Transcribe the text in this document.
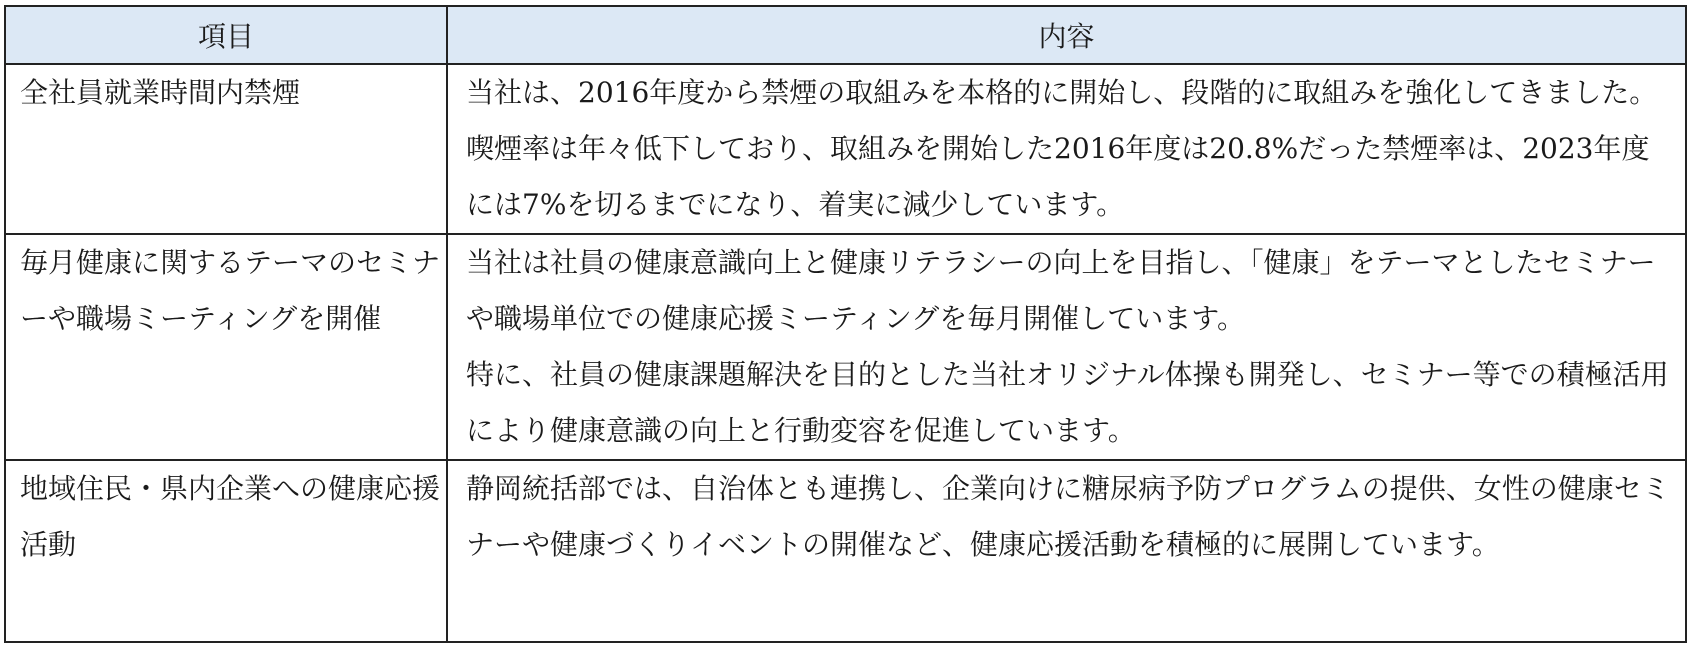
項目	内容
全社員就業時間内禁煙	当社は、2016年度から禁煙の取組みを本格的に開始し、段階的に取組みを強化してきました。喫煙率は年々低下しており、取組みを開始した2016年度は20.8%だった禁煙率は、2023年度には7%を切るまでになり、着実に減少しています。

毎月健康に関するテーマのセミナーや職場ミーティングを開催	当社は社員の健康意識向上と健康リテラシーの向上を目指し、「健康」をテーマとしたセミナーや職場単位での健康応援ミーティングを毎月開催しています。
特に、社員の健康課題解決を目的とした当社オリジナル体操も開発し、セミナー等での積極活用により健康意識の向上と行動変容を促進しています。

地域住民・県内企業への健康応援活動	静岡統括部では、自治体とも連携し、企業向けに糖尿病予防プログラムの提供、女性の健康セミナーや健康づくりイベントの開催など、健康応援活動を積極的に展開しています。
